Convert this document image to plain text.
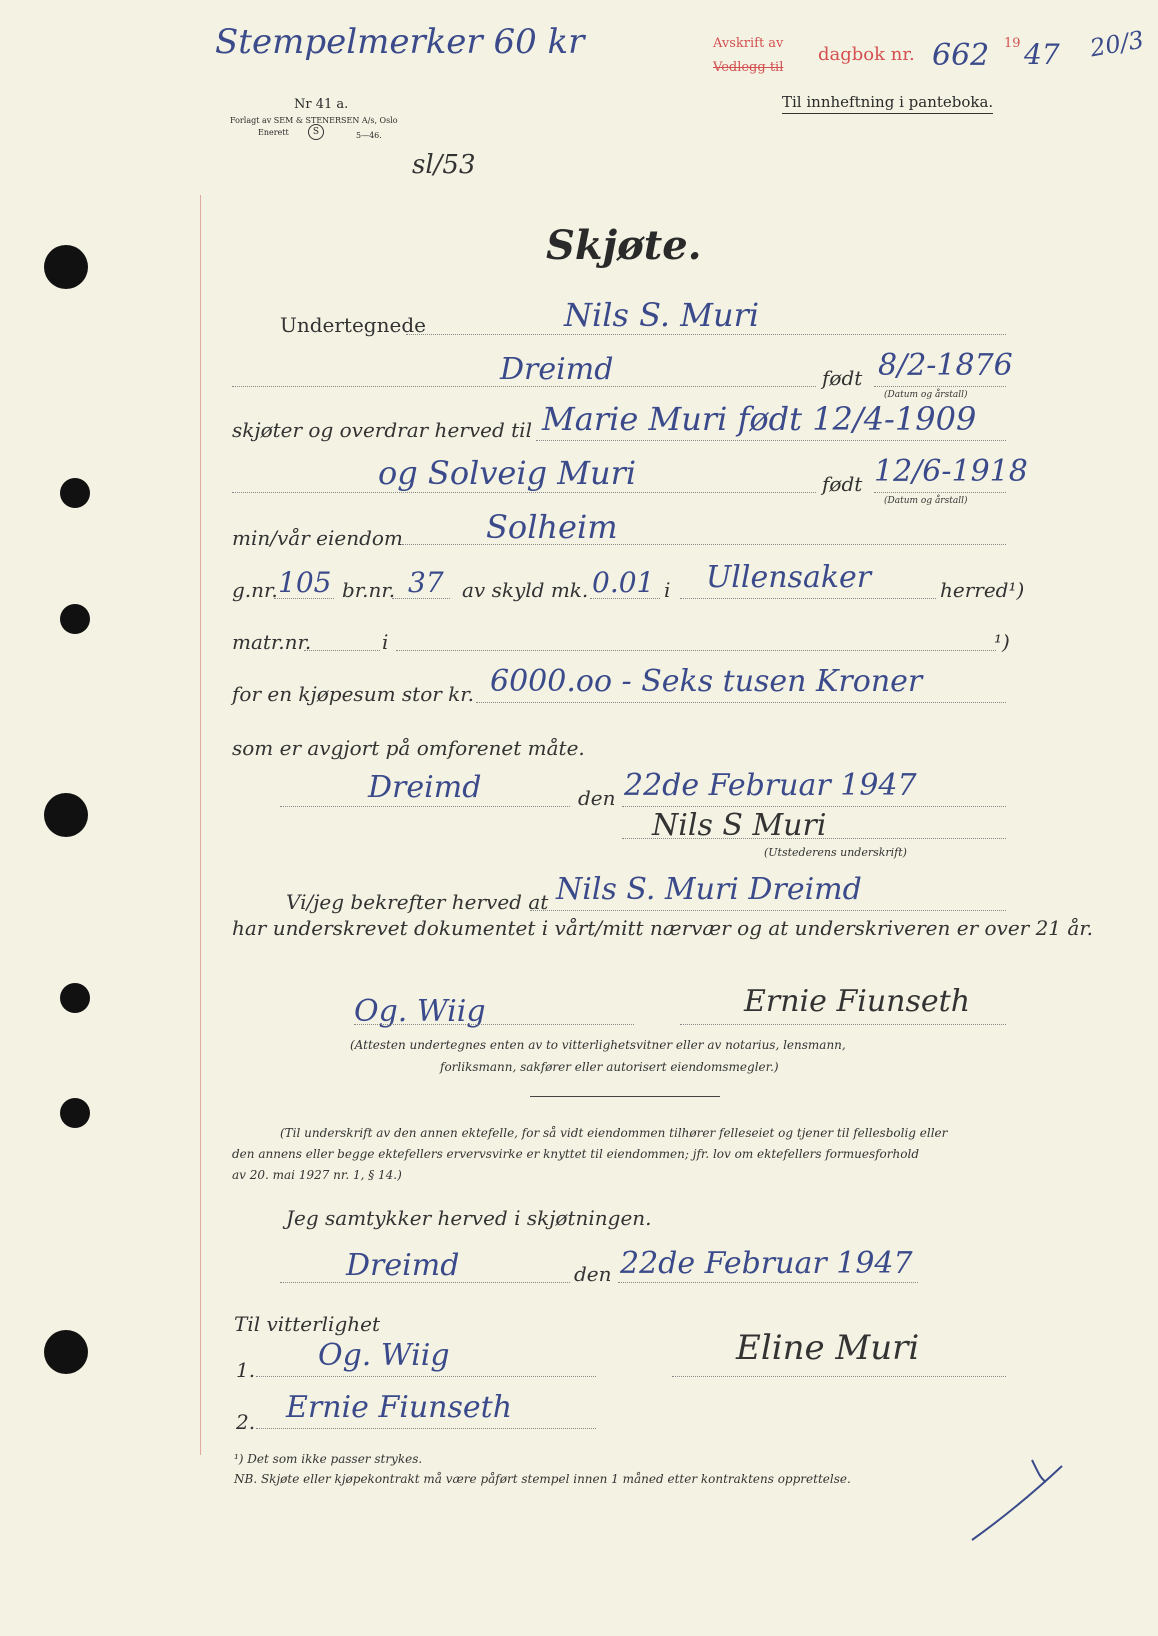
Stempelmerker 60 kr	Avskrift av
Vedlegg til
dagbok nr. 662 19 47 20/3
Til innheftning i panteboka.
Nr 41 a.
Forlagt av SEM & STENERSEN A/s, Oslo
Enerett	S	5—46.
sl/53
Skjøte.
Undertegnede	Nils S. Muri
Dreimd	født 8/2-1876
(Datum og årstall)
skjøter og overdrar herved til Marie Muri født 12/4-1909
og Solveig Muri	født 12/6-1918
(Datum og årstall)
min/vår eiendom	Solheim
g.nr. 105 br.nr. 37 av skyld mk. 0.01 i Ullensaker	herred¹)
matr.nr.	i	¹)
for en kjøpesum stor kr. 6000.oo - Seks tusen Kroner
som er avgjort på omforenet måte.
Dreimd	den 22de Februar 1947
Nils S Muri
(Utstederens underskrift)
Vi/jeg bekrefter herved at Nils S. Muri Dreimd
har underskrevet dokumentet i vårt/mitt nærvær og at underskriveren er over 21 år.
Og. Wiig	Ernie Fiunseth
(Attesten undertegnes enten av to vitterlighetsvitner eller av notarius, lensmann,
forliksmann, sakfører eller autorisert eiendomsmegler.)
(Til underskrift av den annen ektefelle, for så vidt eiendommen tilhører felleseiet og tjener til fellesbolig eller
den annens eller begge ektefellers ervervsvirke er knyttet til eiendommen; jfr. lov om ektefellers formuesforhold
av 20. mai 1927 nr. 1, § 14.)
Jeg samtykker herved i skjøtningen.
Dreimd	den 22de Februar 1947
Til vitterlighet
1. Og. Wiig	Eline Muri
2. Ernie Fiunseth
¹) Det som ikke passer strykes.
NB. Skjøte eller kjøpekontrakt må være påført stempel innen 1 måned etter kontraktens opprettelse.
